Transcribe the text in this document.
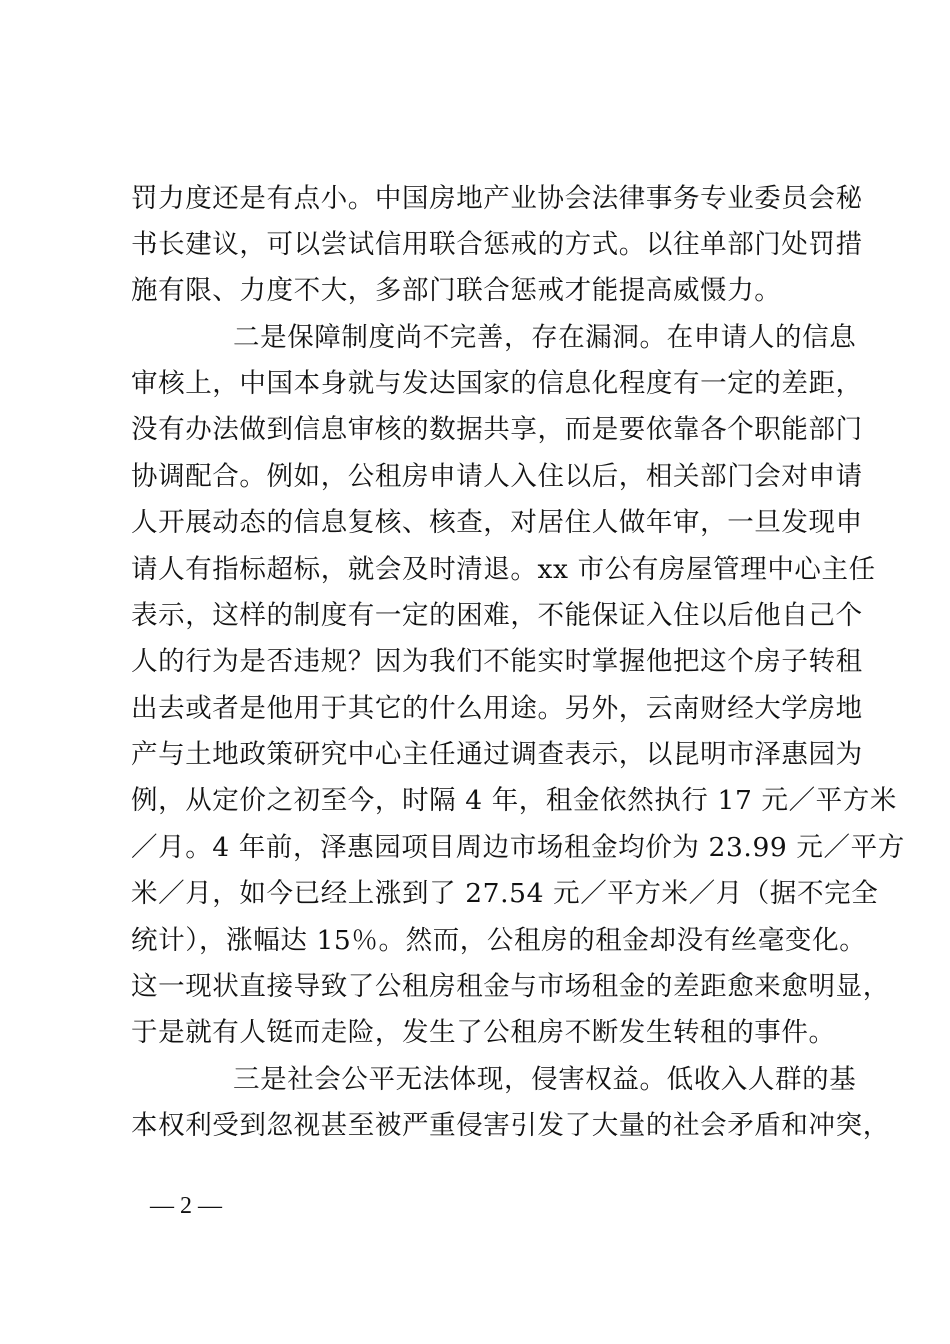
罚力度还是有点小。中国房地产业协会法律事务专业委员会秘
书长建议，可以尝试信用联合惩戒的方式。以往单部门处罚措
施有限、力度不大，多部门联合惩戒才能提高威慑力。
二是保障制度尚不完善，存在漏洞。在申请人的信息
审核上，中国本身就与发达国家的信息化程度有一定的差距，
没有办法做到信息审核的数据共享，而是要依靠各个职能部门
协调配合。例如，公租房申请人入住以后，相关部门会对申请
人开展动态的信息复核、核查，对居住人做年审，一旦发现申
请人有指标超标，就会及时清退。xx 市公有房屋管理中心主任
表示，这样的制度有一定的困难，不能保证入住以后他自己个
人的行为是否违规？因为我们不能实时掌握他把这个房子转租
出去或者是他用于其它的什么用途。另外，云南财经大学房地
产与土地政策研究中心主任通过调查表示，以昆明市泽惠园为
例，从定价之初至今，时隔 4 年，租金依然执行 17 元／平方米
／月。4 年前，泽惠园项目周边市场租金均价为 23.99 元／平方
米／月，如今已经上涨到了 27.54 元／平方米／月（据不完全
统计），涨幅达 15％。然而，公租房的租金却没有丝毫变化。
这一现状直接导致了公租房租金与市场租金的差距愈来愈明显，
于是就有人铤而走险，发生了公租房不断发生转租的事件。
三是社会公平无法体现，侵害权益。低收入人群的基
本权利受到忽视甚至被严重侵害引发了大量的社会矛盾和冲突，
— 2 —
